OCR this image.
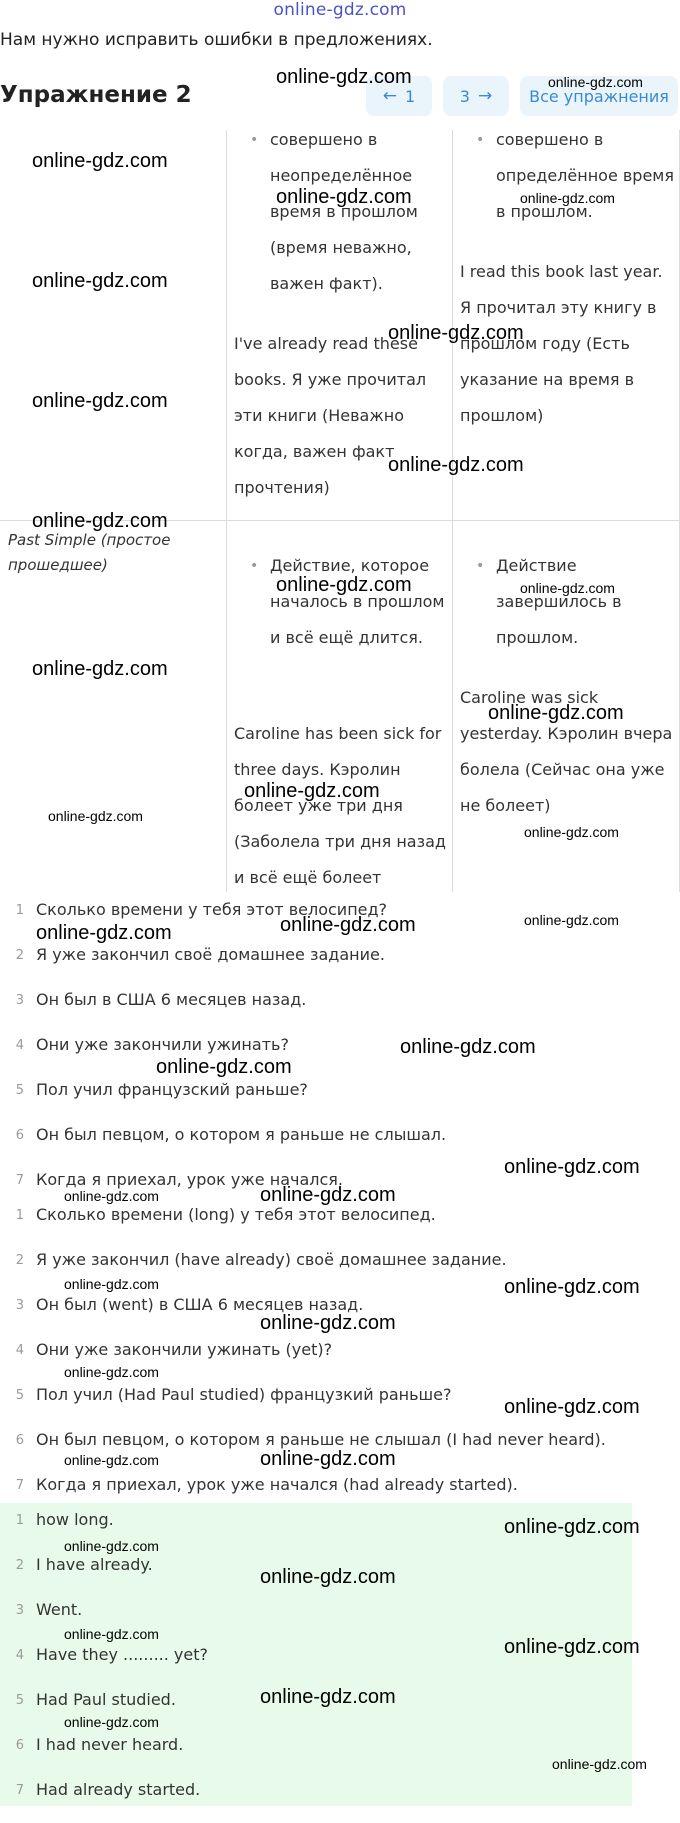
online-gdz.com
Нам нужно исправить ошибки в предложениях.
Упражнение 2	← 1	3 → Все упражнения
• совершено в неопределённое время в прошлом (время неважно, важен факт).

I've already read these books. Я уже прочитал эти книги (Неважно когда, важен факт прочтения)

• совершено в определённое время в прошлом.

I read this book last year. Я прочитал эту книгу в прошлом году (Есть указание на время в прошлом)

Past Simple (простое прошедшее)
•	Действие, которое началось в прошлом и всё ещё длится.

Caroline has been sick for three days. Кэролин болеет уже три дня (Заболела три дня назад и всё ещё болеет

• Действие завершилось в прошлом.

Caroline was sick yesterday. Кэролин вчера болела (Сейчас она уже не болеет)

1 Сколько времени у тебя этот велосипед?
2 Я уже закончил своё домашнее задание.
3 Он был в США 6 месяцев назад.
4 Они уже закончили ужинать?
5 Пол учил французский раньше?
6 Он был певцом, о котором я раньше не слышал.
7 Когда я приехал, урок уже начался.
1 Сколько времени (long) у тебя этот велосипед.
2 Я уже закончил (have already) своё домашнее задание.
3 Он был (went) в США 6 месяцев назад.
4 Они уже закончили ужинать (yet)?
5 Пол учил (Had Paul studied) французкий раньше?
6 Он был певцом, о котором я раньше не слышал (I had never heard).
7 Когда я приехал, урок уже начался (had already started).
1 how long.
2 I have already.
3 Went.
4 Have they ......... yet?
5 Had Paul studied.
6 I had never heard.
7 Had already started.
online-gdz.com	online-gdz.com
online-gdz.com
online-gdz.com	online-gdz.com
online-gdz.com
online-gdz.com
online-gdz.com
online-gdz.com
online-gdz.com
online-gdz.com	online-gdz.com
online-gdz.com
online-gdz.com
online-gdz.com
online-gdz.com
online-gdz.com
online-gdz.com	online-gdz.com
online-gdz.com
online-gdz.com
online-gdz.com
online-gdz.com
online-gdz.com	online-gdz.com
online-gdz.com
online-gdz.com
online-gdz.com
online-gdz.com
online-gdz.com
online-gdz.com	online-gdz.com
online-gdz.com
online-gdz.com
online-gdz.com
online-gdz.com
online-gdz.com
online-gdz.com
online-gdz.com
online-gdz.com
